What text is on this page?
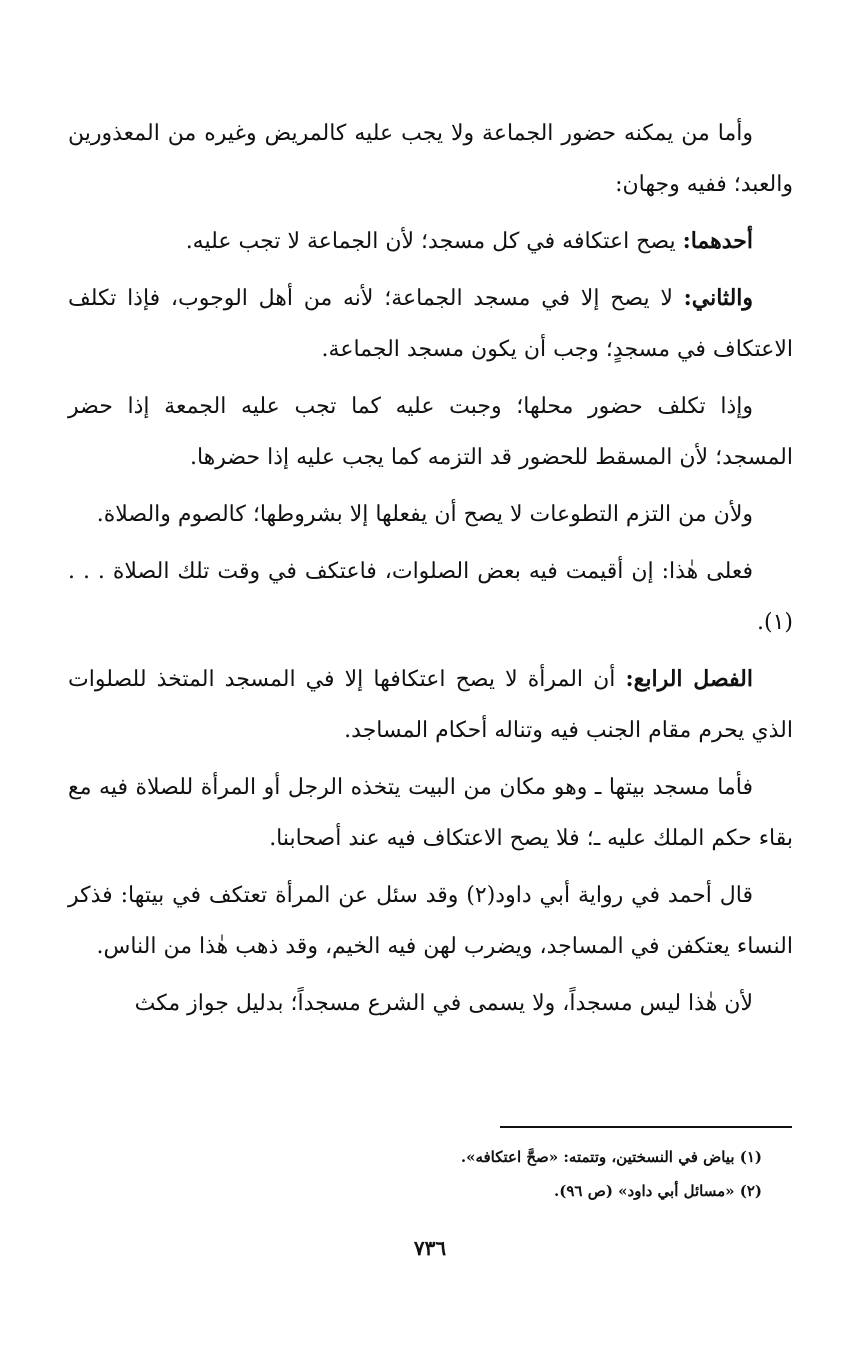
وأما من يمكنه حضور الجماعة ولا يجب عليه كالمريض وغيره من المعذورين والعبد؛ ففيه وجهان:

أحدهما: يصح اعتكافه في كل مسجد؛ لأن الجماعة لا تجب عليه.

والثاني: لا يصح إلا في مسجد الجماعة؛ لأنه من أهل الوجوب، فإذا تكلف الاعتكاف في مسجدٍ؛ وجب أن يكون مسجد الجماعة.

وإذا تكلف حضور محلها؛ وجبت عليه كما تجب عليه الجمعة إذا حضر المسجد؛ لأن المسقط للحضور قد التزمه كما يجب عليه إذا حضرها.

ولأن من التزم التطوعات لا يصح أن يفعلها إلا بشروطها؛ كالصوم والصلاة.

فعلى هٰذا: إن أقيمت فيه بعض الصلوات، فاعتكف في وقت تلك الصلاة . . .(١).

الفصل الرابع: أن المرأة لا يصح اعتكافها إلا في المسجد المتخذ للصلوات الذي يحرم مقام الجنب فيه وتناله أحكام المساجد.

فأما مسجد بيتها ـ وهو مكان من البيت يتخذه الرجل أو المرأة للصلاة فيه مع بقاء حكم الملك عليه ـ؛ فلا يصح الاعتكاف فيه عند أصحابنا.

قال أحمد في رواية أبي داود(٢) وقد سئل عن المرأة تعتكف في بيتها: فذكر النساء يعتكفن في المساجد، ويضرب لهن فيه الخيم، وقد ذهب هٰذا من الناس.

لأن هٰذا ليس مسجداً، ولا يسمى في الشرع مسجداً؛ بدليل جواز مكث

(١) بياض في النسختين، وتتمته: «صحَّ اعتكافه».

(٢) «مسائل أبي داود» (ص ٩٦).

٧٣٦
